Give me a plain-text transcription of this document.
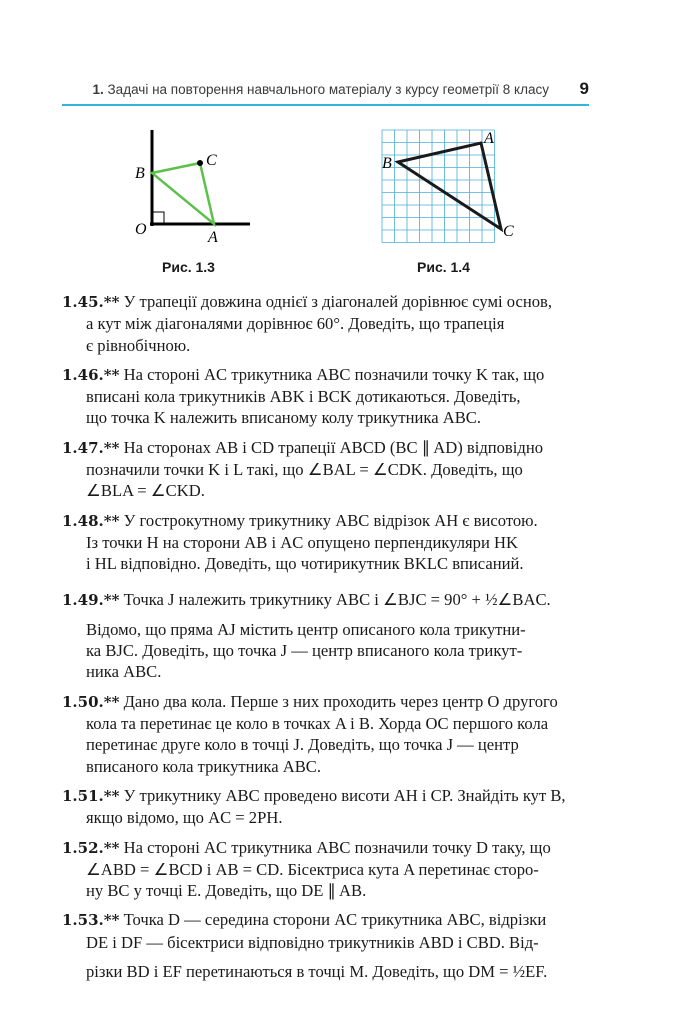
1. Задачі на повторення навчального матеріалу з курсу геометрії 8 класу 9
B
C
O	A
Рис. 1.3
A
B
C
Рис. 1.4

1.45.** У трапеції довжина однієї з діагоналей дорівнює сумі основ,

а кут між діагоналями дорівнює 60°. Доведіть, що трапеція

є рівнобічною.

1.46.** На стороні AC трикутника ABC позначили точку K так, що

вписані кола трикутників ABK і BCK дотикаються. Доведіть,

що точка K належить вписаному колу трикутника ABC.

1.47.** На сторонах AB і CD трапеції ABCD (BC ∥ AD) відповідно

позначили точки K і L такі, що ∠BAL = ∠CDK. Доведіть, що

∠BLA = ∠CKD.

1.48.** У гострокутному трикутнику ABC відрізок AH є висотою.

Із точки H на сторони AB і AC опущено перпендикуляри HK

і HL відповідно. Доведіть, що чотирикутник BKLC вписаний.

1.49.** Точка J належить трикутнику ABC і ∠BJC = 90° + ½∠BAC.

Відомо, що пряма AJ містить центр описаного кола трикутни-

ка BJC. Доведіть, що точка J — центр вписаного кола трикут-

ника ABC.

1.50.** Дано два кола. Перше з них проходить через центр O другого

кола та перетинає це коло в точках A і B. Хорда OC першого кола

перетинає друге коло в точці J. Доведіть, що точка J — центр

вписаного кола трикутника ABC.

1.51.** У трикутнику ABC проведено висоти AH і CP. Знайдіть кут B,

якщо відомо, що AC = 2PH.

1.52.** На стороні AC трикутника ABC позначили точку D таку, що

∠ABD = ∠BCD і AB = CD. Бісектриса кута A перетинає сторо-

ну BC у точці E. Доведіть, що DE ∥ AB.

1.53.** Точка D — середина сторони AC трикутника ABC, відрізки

DE і DF — бісектриси відповідно трикутників ABD і CBD. Від-

різки BD і EF перетинаються в точці M. Доведіть, що DM = ½EF.
